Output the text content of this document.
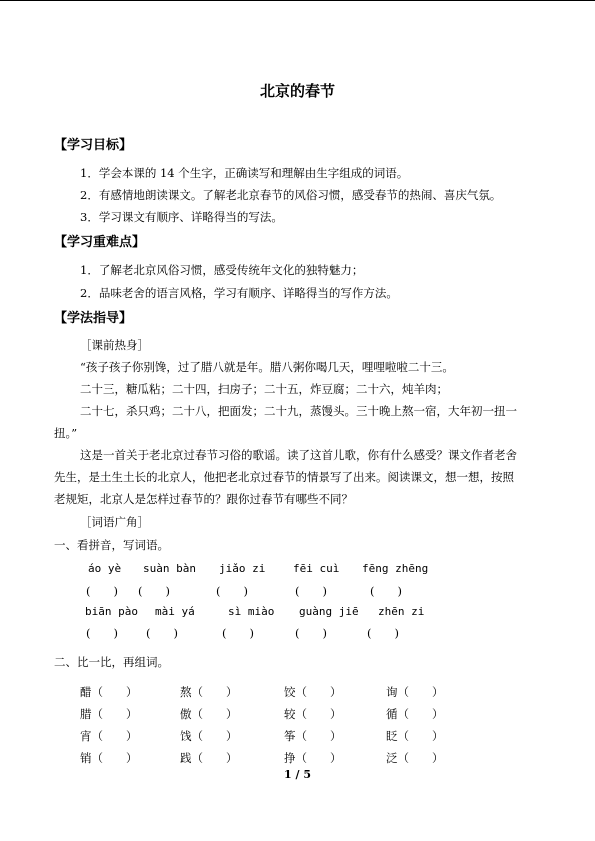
北京的春节
【学习目标】
1．学会本课的 14 个生字，正确读写和理解由生字组成的词语。
2．有感情地朗读课文。了解老北京春节的风俗习惯，感受春节的热闹、喜庆气氛。
3．学习课文有顺序、详略得当的写法。
【学习重难点】
1．了解老北京风俗习惯，感受传统年文化的独特魅力；
2．品味老舍的语言风格，学习有顺序、详略得当的写作方法。
【学法指导】
［课前热身］
“孩子孩子你别馋，过了腊八就是年。腊八粥你喝几天，哩哩啦啦二十三。
二十三，糖瓜粘；二十四，扫房子；二十五，炸豆腐；二十六，炖羊肉；
二十七，杀只鸡；二十八，把面发；二十九，蒸馒头。三十晚上熬一宿，大年初一扭一
扭。”
这是一首关于老北京过春节习俗的歌谣。读了这首儿歌，你有什么感受？课文作者老舍
先生，是土生土长的北京人，他把老北京过春节的情景写了出来。阅读课文，想一想，按照
老规矩，北京人是怎样过春节的？跟你过春节有哪些不同？
［词语广角］
一、看拼音，写词语。
áo yè suàn bàn jiǎo zi	fēi cuì fēng zhēng
(　　) (　　)	(　　)	(　　)	(　　)
biān pào mài yá	sì miào guàng jiē zhēn zi
(　　) (　　)	(　　)	(　　)	(　　)
二、比一比，再组词。
醋（　　）	熬（　　）	饺（　　）	询（　　）
腊（　　）	傲（　　）	较（　　）	循（　　）
宵（　　）	饯（　　）	筝（　　）	眨（　　）
销（　　）	践（　　）	挣（　　）	泛（　　）
1 / 5
